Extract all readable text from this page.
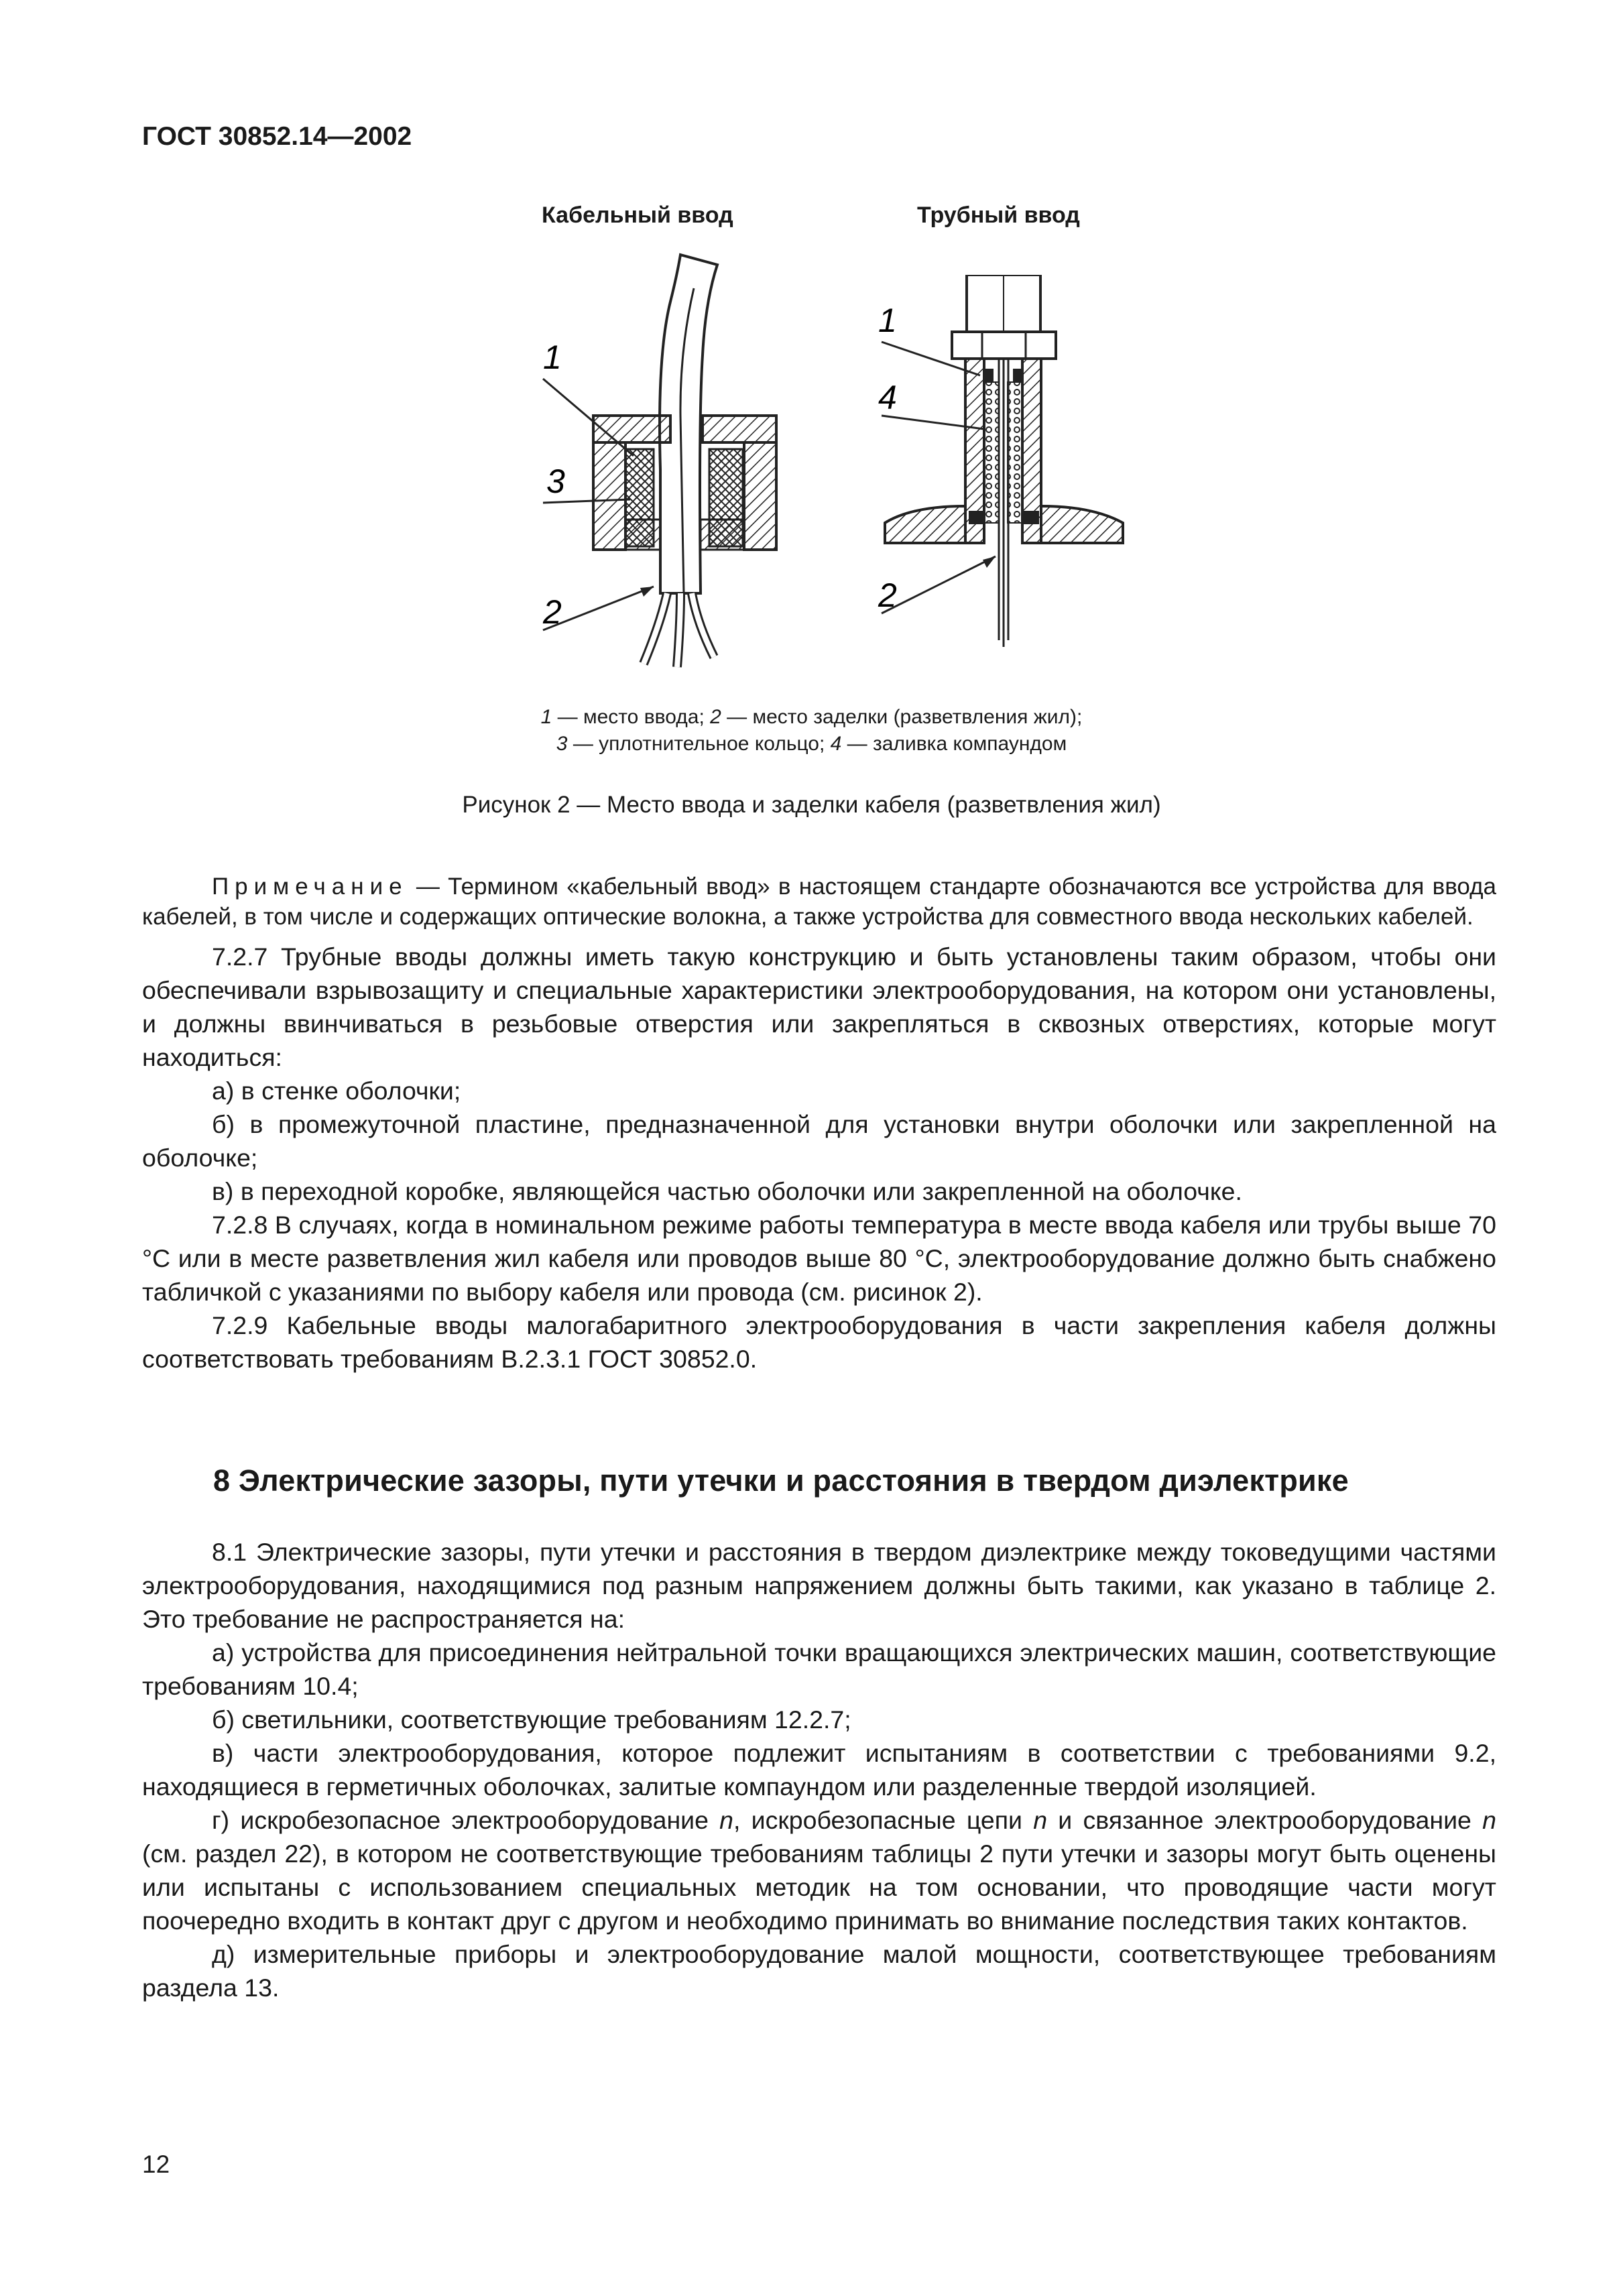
ГОСТ 30852.14—2002
Кабельный ввод	Трубный ввод
1
3
2
1
4
2
1 — место ввода; 2 — место заделки (разветвления жил);
3 — уплотнительное кольцо; 4 — заливка компаундом
Рисунок 2 — Место ввода и заделки кабеля (разветвления жил)

Примечание — Термином «кабельный ввод» в настоящем стандарте обозначаются все устройства для ввода кабелей, в том числе и содержащих оптические волокна, а также устройства для совместного ввода нескольких кабелей.

7.2.7 Трубные вводы должны иметь такую конструкцию и быть установлены таким образом, чтобы они обеспечивали взрывозащиту и специальные характеристики электрооборудования, на котором они установлены, и должны ввинчиваться в резьбовые отверстия или закрепляться в сквозных отверстиях, которые могут находиться:

а) в стенке оболочки;

б) в промежуточной пластине, предназначенной для установки внутри оболочки или закрепленной на оболочке;

в) в переходной коробке, являющейся частью оболочки или закрепленной на оболочке.

7.2.8 В случаях, когда в номинальном режиме работы температура в месте ввода кабеля или трубы выше 70 °С или в месте разветвления жил кабеля или проводов выше 80 °С, электрооборудование должно быть снабжено табличкой с указаниями по выбору кабеля или провода (см. рисинок 2).

7.2.9 Кабельные вводы малогабаритного электрооборудования в части закрепления кабеля должны соответствовать требованиям В.2.3.1 ГОСТ 30852.0.

8 Электрические зазоры, пути утечки и расстояния в твердом диэлектрике

8.1 Электрические зазоры, пути утечки и расстояния в твердом диэлектрике между токоведущими частями электрооборудования, находящимися под разным напряжением должны быть такими, как указано в таблице 2. Это требование не распространяется на:

а) устройства для присоединения нейтральной точки вращающихся электрических машин, соответствующие требованиям 10.4;

б) светильники, соответствующие требованиям 12.2.7;

в) части электрооборудования, которое подлежит испытаниям в соответствии с требованиями 9.2, находящиеся в герметичных оболочках, залитые компаундом или разделенные твердой изоляцией.

г) искробезопасное электрооборудование n, искробезопасные цепи n и связанное электрооборудование n (см. раздел 22), в котором не соответствующие требованиям таблицы 2 пути утечки и зазоры могут быть оценены или испытаны с использованием специальных методик на том основании, что проводящие части могут поочередно входить в контакт друг с другом и необходимо принимать во внимание последствия таких контактов.

д) измерительные приборы и электрооборудование малой мощности, соответствующее требованиям раздела 13.

12
